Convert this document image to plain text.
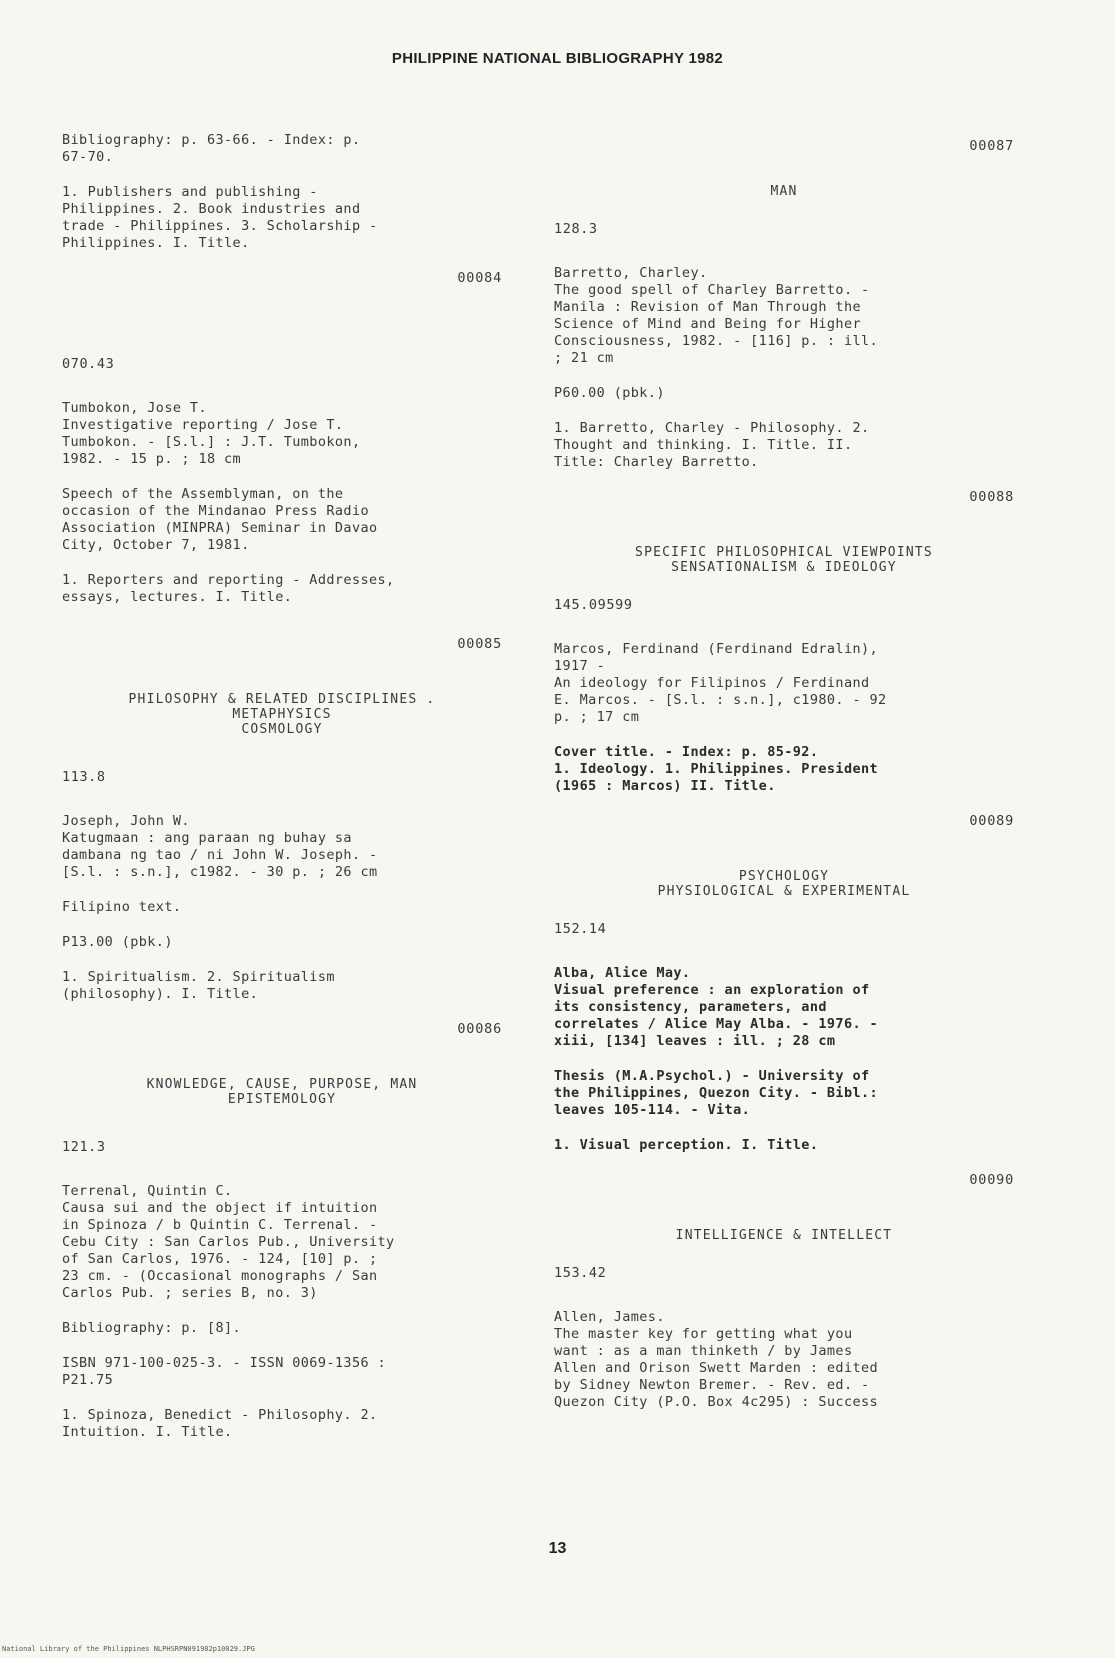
PHILIPPINE NATIONAL BIBLIOGRAPHY 1982
Bibliography: p. 63-66. - Index: p.
67-70.
1. Publishers and publishing -
Philippines. 2. Book industries and
trade - Philippines. 3. Scholarship -
Philippines. I. Title.
00084
070.43
Tumbokon, Jose T.
Investigative reporting / Jose T.
Tumbokon. - [S.l.] : J.T. Tumbokon,
1982. - 15 p. ; 18 cm
Speech of the Assemblyman, on the
occasion of the Mindanao Press Radio
Association (MINPRA) Seminar in Davao
City, October 7, 1981.
1. Reporters and reporting - Addresses,
essays, lectures. I. Title.
00085
PHILOSOPHY & RELATED DISCIPLINES .
METAPHYSICS
COSMOLOGY
113.8
Joseph, John W.
Katugmaan : ang paraan ng buhay sa
dambana ng tao / ni John W. Joseph. -
[S.l. : s.n.], c1982. - 30 p. ; 26 cm
Filipino text.
P13.00 (pbk.)
1. Spiritualism. 2. Spiritualism
(philosophy). I. Title.
00086
KNOWLEDGE, CAUSE, PURPOSE, MAN
EPISTEMOLOGY
121.3
Terrenal, Quintin C.
Causa sui and the object if intuition
in Spinoza / b Quintin C. Terrenal. -
Cebu City : San Carlos Pub., University
of San Carlos, 1976. - 124, [10] p. ;
23 cm. - (Occasional monographs / San
Carlos Pub. ; series B, no. 3)
Bibliography: p. [8].
ISBN 971-100-025-3. - ISSN 0069-1356 :
P21.75
1. Spinoza, Benedict - Philosophy. 2.
Intuition. I. Title.
00087
MAN
128.3
Barretto, Charley.
The good spell of Charley Barretto. -
Manila : Revision of Man Through the
Science of Mind and Being for Higher
Consciousness, 1982. - [116] p. : ill.
; 21 cm
P60.00 (pbk.)
1. Barretto, Charley - Philosophy. 2.
Thought and thinking. I. Title. II.
Title: Charley Barretto.
00088
SPECIFIC PHILOSOPHICAL VIEWPOINTS
SENSATIONALISM & IDEOLOGY
145.09599
Marcos, Ferdinand (Ferdinand Edralin),
1917 -
An ideology for Filipinos / Ferdinand
E. Marcos. - [S.l. : s.n.], c1980. - 92
p. ; 17 cm
Cover title. - Index: p. 85-92.
1. Ideology. 1. Philippines. President
(1965 : Marcos) II. Title.
00089
PSYCHOLOGY
PHYSIOLOGICAL & EXPERIMENTAL
152.14
Alba, Alice May.
Visual preference : an exploration of
its consistency, parameters, and
correlates / Alice May Alba. - 1976. -
xiii, [134] leaves : ill. ; 28 cm
Thesis (M.A.Psychol.) - University of
the Philippines, Quezon City. - Bibl.:
leaves 105-114. - Vita.
1. Visual perception. I. Title.
00090
INTELLIGENCE & INTELLECT
153.42
Allen, James.
The master key for getting what you
want : as a man thinketh / by James
Allen and Orison Swett Marden : edited
by Sidney Newton Bremer. - Rev. ed. -
Quezon City (P.O. Box 4c295) : Success
13
National Library of the Philippines NLPHSRPN091982p10029.JPG
